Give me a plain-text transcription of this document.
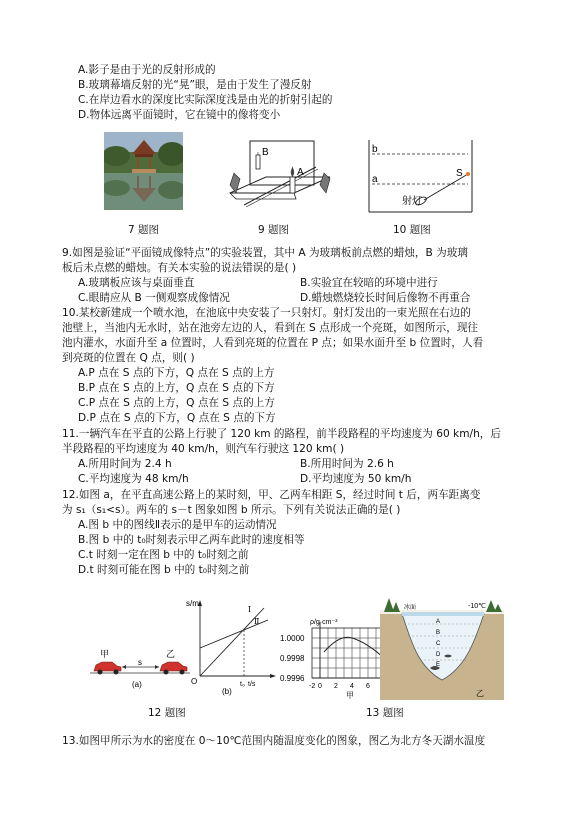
A.影子是由于光的反射形成的
B.玻璃幕墙反射的光“晃”眼，是由于发生了漫反射
C.在岸边看水的深度比实际深度浅是由光的折射引起的
D.物体远离平面镜时，它在镜中的像将变小
B
A
b
a
S
射灯
7 题图	9 题图	10 题图
9.如图是验证“平面镜成像特点”的实验装置，其中 A 为玻璃板前点燃的蜡烛，B 为玻璃
板后未点燃的蜡烛。有关本实验的说法错误的是( )
A.玻璃板应该与桌面垂直	B.实验宜在较暗的环境中进行
C.眼睛应从 B 一侧观察成像情况	D.蜡烛燃烧较长时间后像物不再重合
10.某校新建成一个喷水池，在池底中央安装了一只射灯。射灯发出的一束光照在右边的
池壁上，当池内无水时，站在池旁左边的人，看到在 S 点形成一个亮斑，如图所示，现往
池内灌水，水面升至 a 位置时，人看到亮斑的位置在 P 点；如果水面升至 b 位置时，人看
到亮斑的位置在 Q 点，则( )
A.P 点在 S 点的下方，Q 点在 S 点的上方
B.P 点在 S 点的上方，Q 点在 S 点的下方
C.P 点在 S 点的上方，Q 点在 S 点的上方
D.P 点在 S 点的下方，Q 点在 S 点的下方
11.一辆汽车在平直的公路上行驶了 120 km 的路程，前半段路程的平均速度为 60 km/h，后
半段路程的平均速度为 40 km/h，则汽车行驶这 120 km( )
A.所用时间为 2.4 h	B.所用时间为 2.6 h
C.平均速度为 48 km/h	D.平均速度为 50 km/h
12.如图 a，在平直高速公路上的某时刻，甲、乙两车相距 S，经过时间 t 后，两车距离变
为 s₁（s₁<s）。两车的 s－t 图象如图 b 所示。下列有关说法正确的是( )
A.图 b 中的图线Ⅱ表示的是甲车的运动情况
B.图 b 中的 t₀时刻表示甲乙两车此时的速度相等
C.t 时刻一定在图 b 中的 t₀时刻之前
D.t 时刻可能在图 b 中的 t₀时刻之前
甲	乙
s
(a)
s/m
t/s
O	t₀
Ⅰ
Ⅱ
(b)
ρ/g·cm⁻³
1.0000
0.9998
0.9996
-2 0 2 4 6
甲
冰面	-10℃
A
B
C
D
E
乙
12 题图	13 题图
13.如图甲所示为水的密度在 0～10℃范围内随温度变化的图象，图乙为北方冬天湖水温度
